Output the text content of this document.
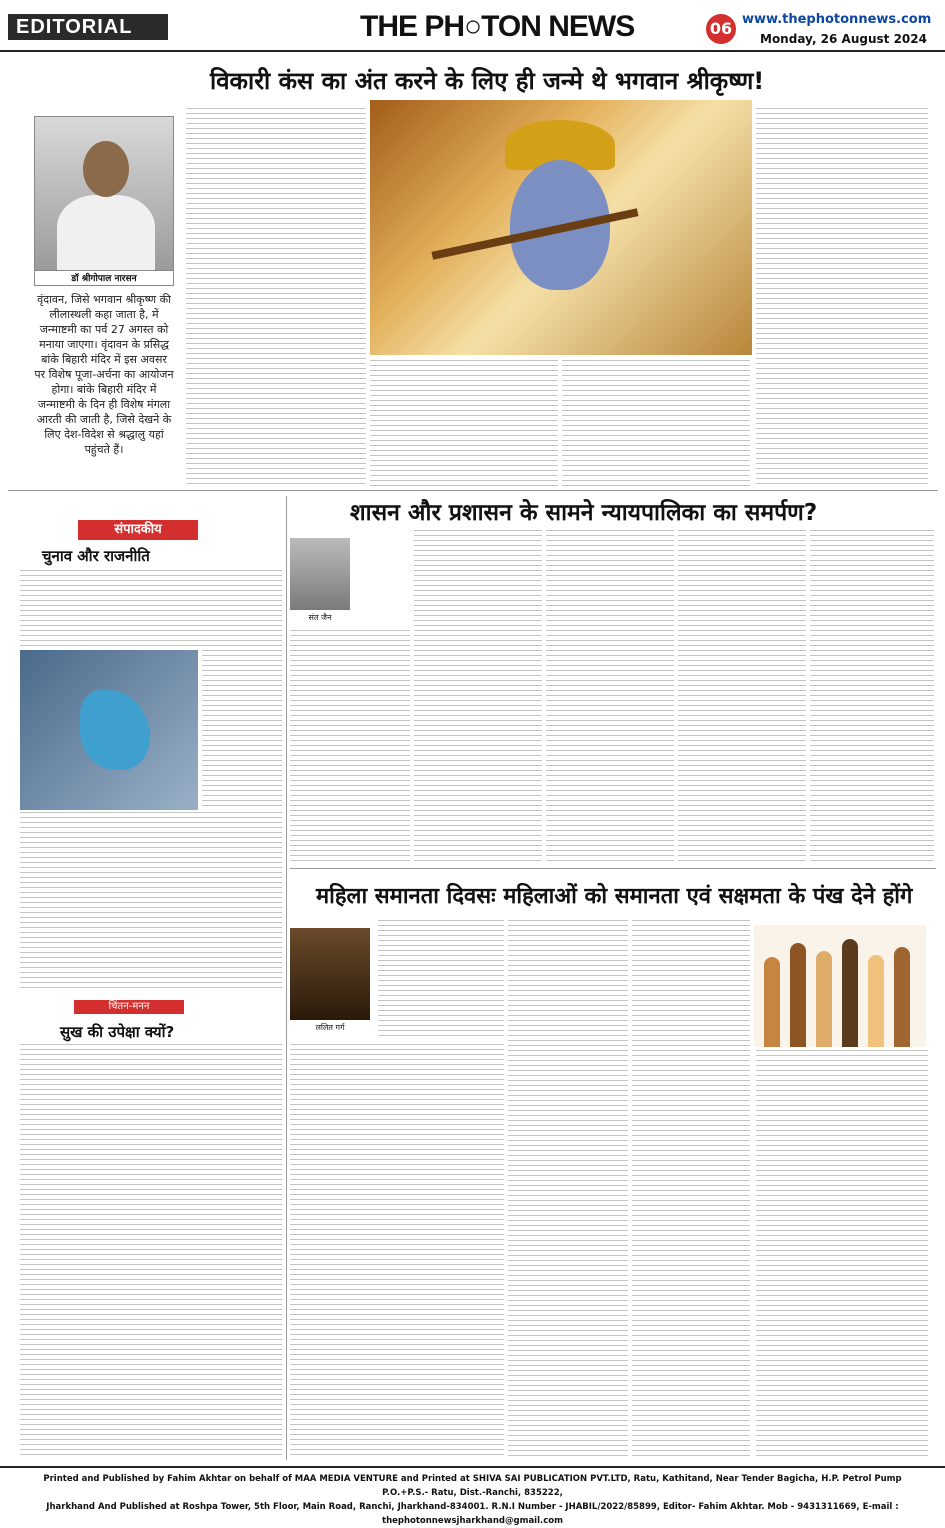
EDITORIAL	THE PH○TON NEWS	06 www.thephotonnews.com
Monday, 26 August 2024
विकारी कंस का अंत करने के लिए ही जन्मे थे भगवान श्रीकृष्ण!
डॉ श्रीगोपाल नारसन
वृंदावन, जिसे भगवान श्रीकृष्ण की लीलास्थली कहा जाता है, में जन्माष्टमी का पर्व 27 अगस्त को मनाया जाएगा। वृंदावन के प्रसिद्ध बांके बिहारी मंदिर में इस अवसर पर विशेष पूजा-अर्चना का आयोजन होगा। बांके बिहारी मंदिर में जन्माष्टमी के दिन ही विशेष मंगला आरती की जाती है, जिसे देखने के लिए देश-विदेश से श्रद्धालु यहां पहुंचते हैं।
संपादकीय
चुनाव और राजनीति
शासन और प्रशासन के सामने न्यायपालिका का समर्पण?
संत जैन
महिला समानता दिवसः महिलाओं को समानता एवं सक्षमता के पंख देने होंगे
ललित गर्ग
चिंतन-मनन
सुख की उपेक्षा क्यों?
Printed and Published by Fahim Akhtar on behalf of MAA MEDIA VENTURE and Printed at SHIVA SAI PUBLICATION PVT.LTD, Ratu, Kathitand, Near Tender Bagicha, H.P. Petrol Pump P.O.+P.S.- Ratu, Dist.-Ranchi, 835222,
Jharkhand And Published at Roshpa Tower, 5th Floor, Main Road, Ranchi, Jharkhand-834001. R.N.I Number - JHABIL/2022/85899, Editor- Fahim Akhtar. Mob - 9431311669, E-mail : thephotonnewsjharkhand@gmail.com
